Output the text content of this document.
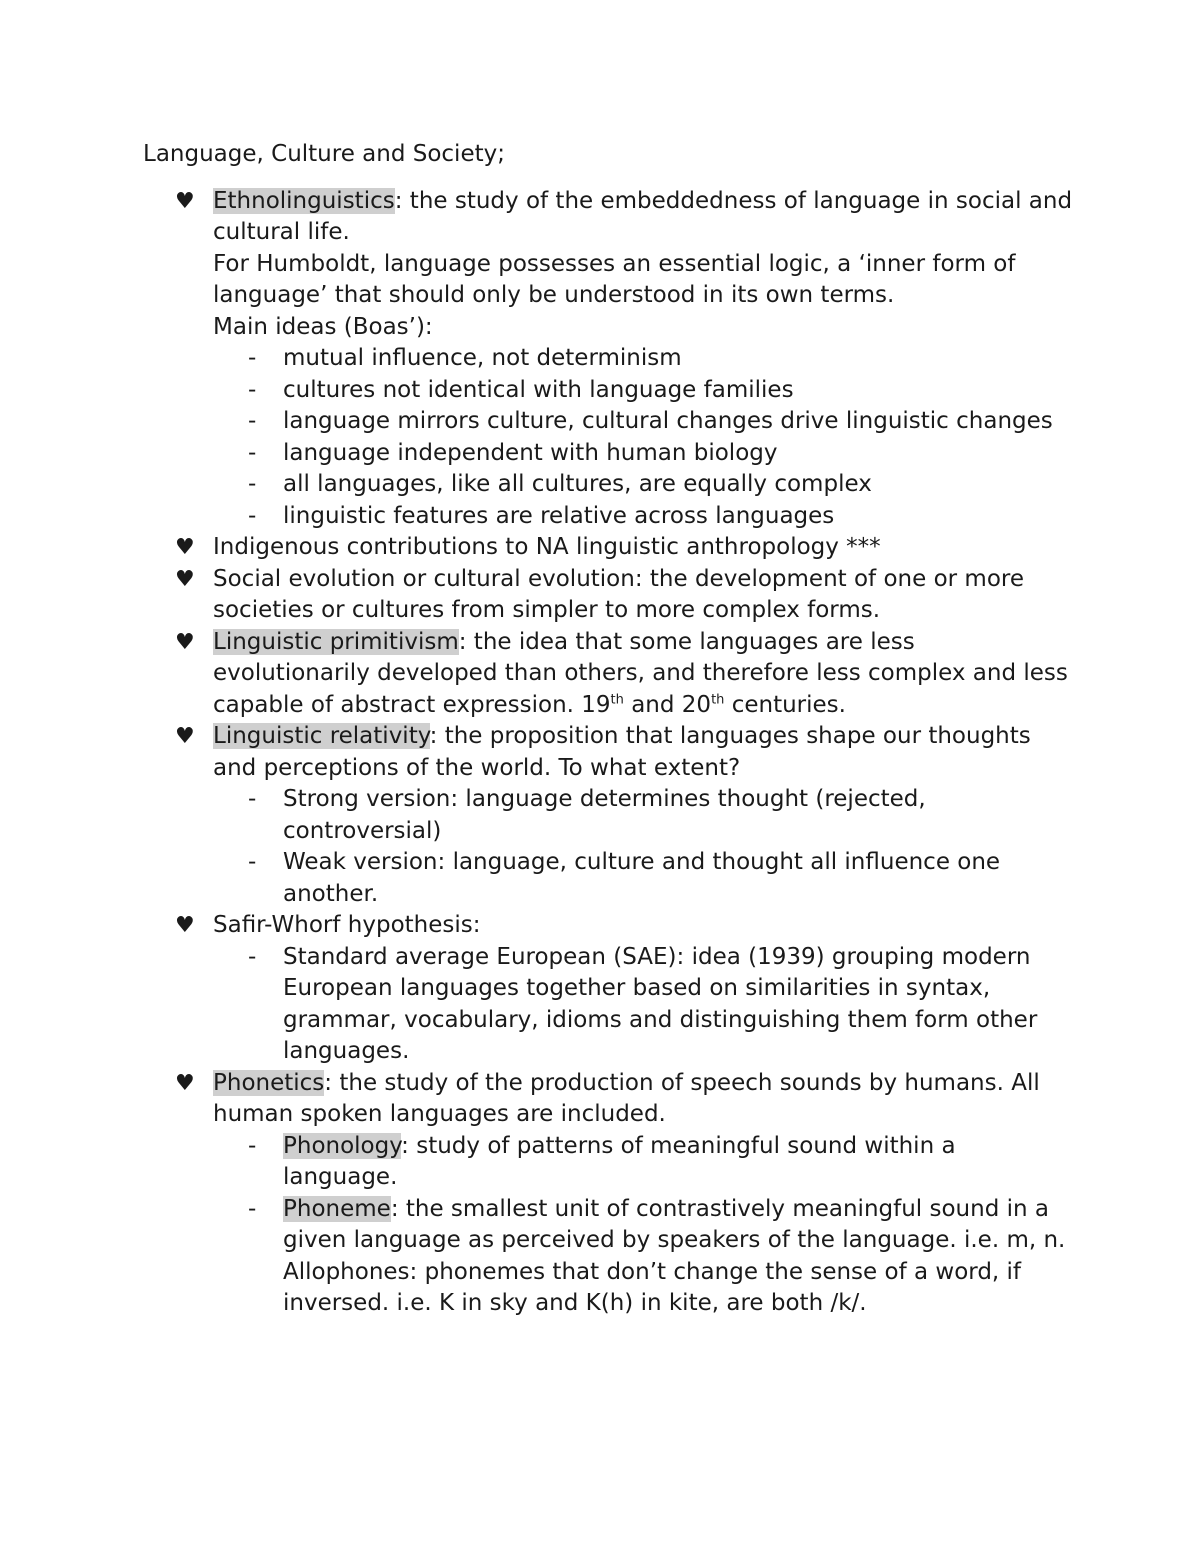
Language, Culture and Society;
♥ Ethnolinguistics: the study of the embeddedness of language in social and cultural life.
For Humboldt, language possesses an essential logic, a ‘inner form of language’ that should only be understood in its own terms.
Main ideas (Boas’):
- mutual influence, not determinism
- cultures not identical with language families
- language mirrors culture, cultural changes drive linguistic changes
- language independent with human biology
- all languages, like all cultures, are equally complex
- linguistic features are relative across languages
♥ Indigenous contributions to NA linguistic anthropology ***
♥ Social evolution or cultural evolution: the development of one or more societies or cultures from simpler to more complex forms.
♥ Linguistic primitivism: the idea that some languages are less evolutionarily developed than others, and therefore less complex and less capable of abstract expression. 19th and 20th centuries.
♥ Linguistic relativity: the proposition that languages shape our thoughts and perceptions of the world. To what extent?
- Strong version: language determines thought (rejected, controversial)
- Weak version: language, culture and thought all influence one another.
♥ Safir-Whorf hypothesis:
- Standard average European (SAE): idea (1939) grouping modern European languages together based on similarities in syntax, grammar, vocabulary, idioms and distinguishing them form other languages.
♥ Phonetics: the study of the production of speech sounds by humans. All human spoken languages are included.
- Phonology: study of patterns of meaningful sound within a language.
- Phoneme: the smallest unit of contrastively meaningful sound in a given language as perceived by speakers of the language. i.e. m, n.
Allophones: phonemes that don’t change the sense of a word, if inversed. i.e. K in sky and K(h) in kite, are both /k/.
